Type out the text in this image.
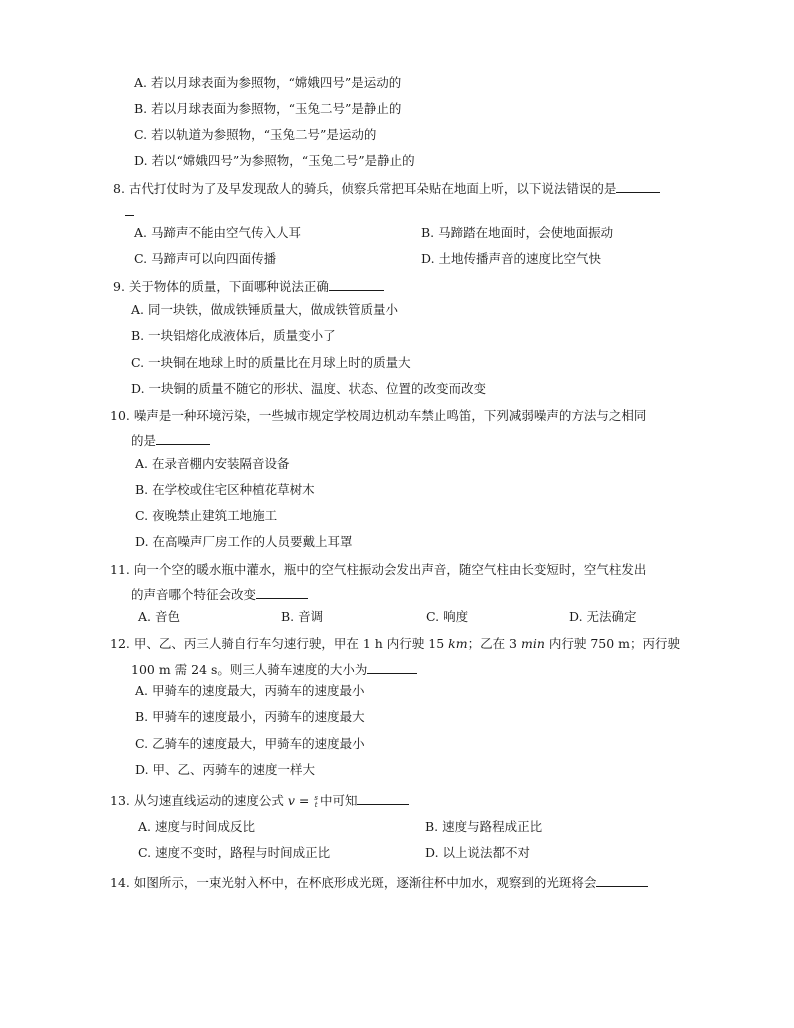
A. 若以月球表面为参照物，“嫦娥四号”是运动的
B. 若以月球表面为参照物，“玉兔二号”是静止的
C. 若以轨道为参照物，“玉兔二号”是运动的
D. 若以“嫦娥四号”为参照物，“玉兔二号”是静止的
8. 古代打仗时为了及早发现敌人的骑兵，侦察兵常把耳朵贴在地面上听，以下说法错误的是
A. 马蹄声不能由空气传入人耳	B. 马蹄踏在地面时，会使地面振动
C. 马蹄声可以向四面传播	D. 土地传播声音的速度比空气快
9. 关于物体的质量，下面哪种说法正确
A. 同一块铁，做成铁锤质量大，做成铁管质量小
B. 一块铝熔化成液体后，质量变小了
C. 一块铜在地球上时的质量比在月球上时的质量大
D. 一块铜的质量不随它的形状、温度、状态、位置的改变而改变
10. 噪声是一种环境污染，一些城市规定学校周边机动车禁止鸣笛，下列减弱噪声的方法与之相同
的是
A. 在录音棚内安装隔音设备
B. 在学校或住宅区种植花草树木
C. 夜晚禁止建筑工地施工
D. 在高噪声厂房工作的人员要戴上耳罩
11. 向一个空的暖水瓶中灌水，瓶中的空气柱振动会发出声音，随空气柱由长变短时，空气柱发出
的声音哪个特征会改变
A. 音色	B. 音调	C. 响度	D. 无法确定
12. 甲、乙、丙三人骑自行车匀速行驶，甲在 1 h 内行驶 15 km；乙在 3 min 内行驶 750 m；丙行驶
100 m 需 24 s。则三人骑车速度的大小为
A. 甲骑车的速度最大，丙骑车的速度最小
B. 甲骑车的速度最小，丙骑车的速度最大
C. 乙骑车的速度最大，甲骑车的速度最小
D. 甲、乙、丙骑车的速度一样大
13. 从匀速直线运动的速度公式 v = s
t 中可知
A. 速度与时间成反比	B. 速度与路程成正比
C. 速度不变时，路程与时间成正比	D. 以上说法都不对
14. 如图所示，一束光射入杯中，在杯底形成光斑，逐渐往杯中加水，观察到的光斑将会
